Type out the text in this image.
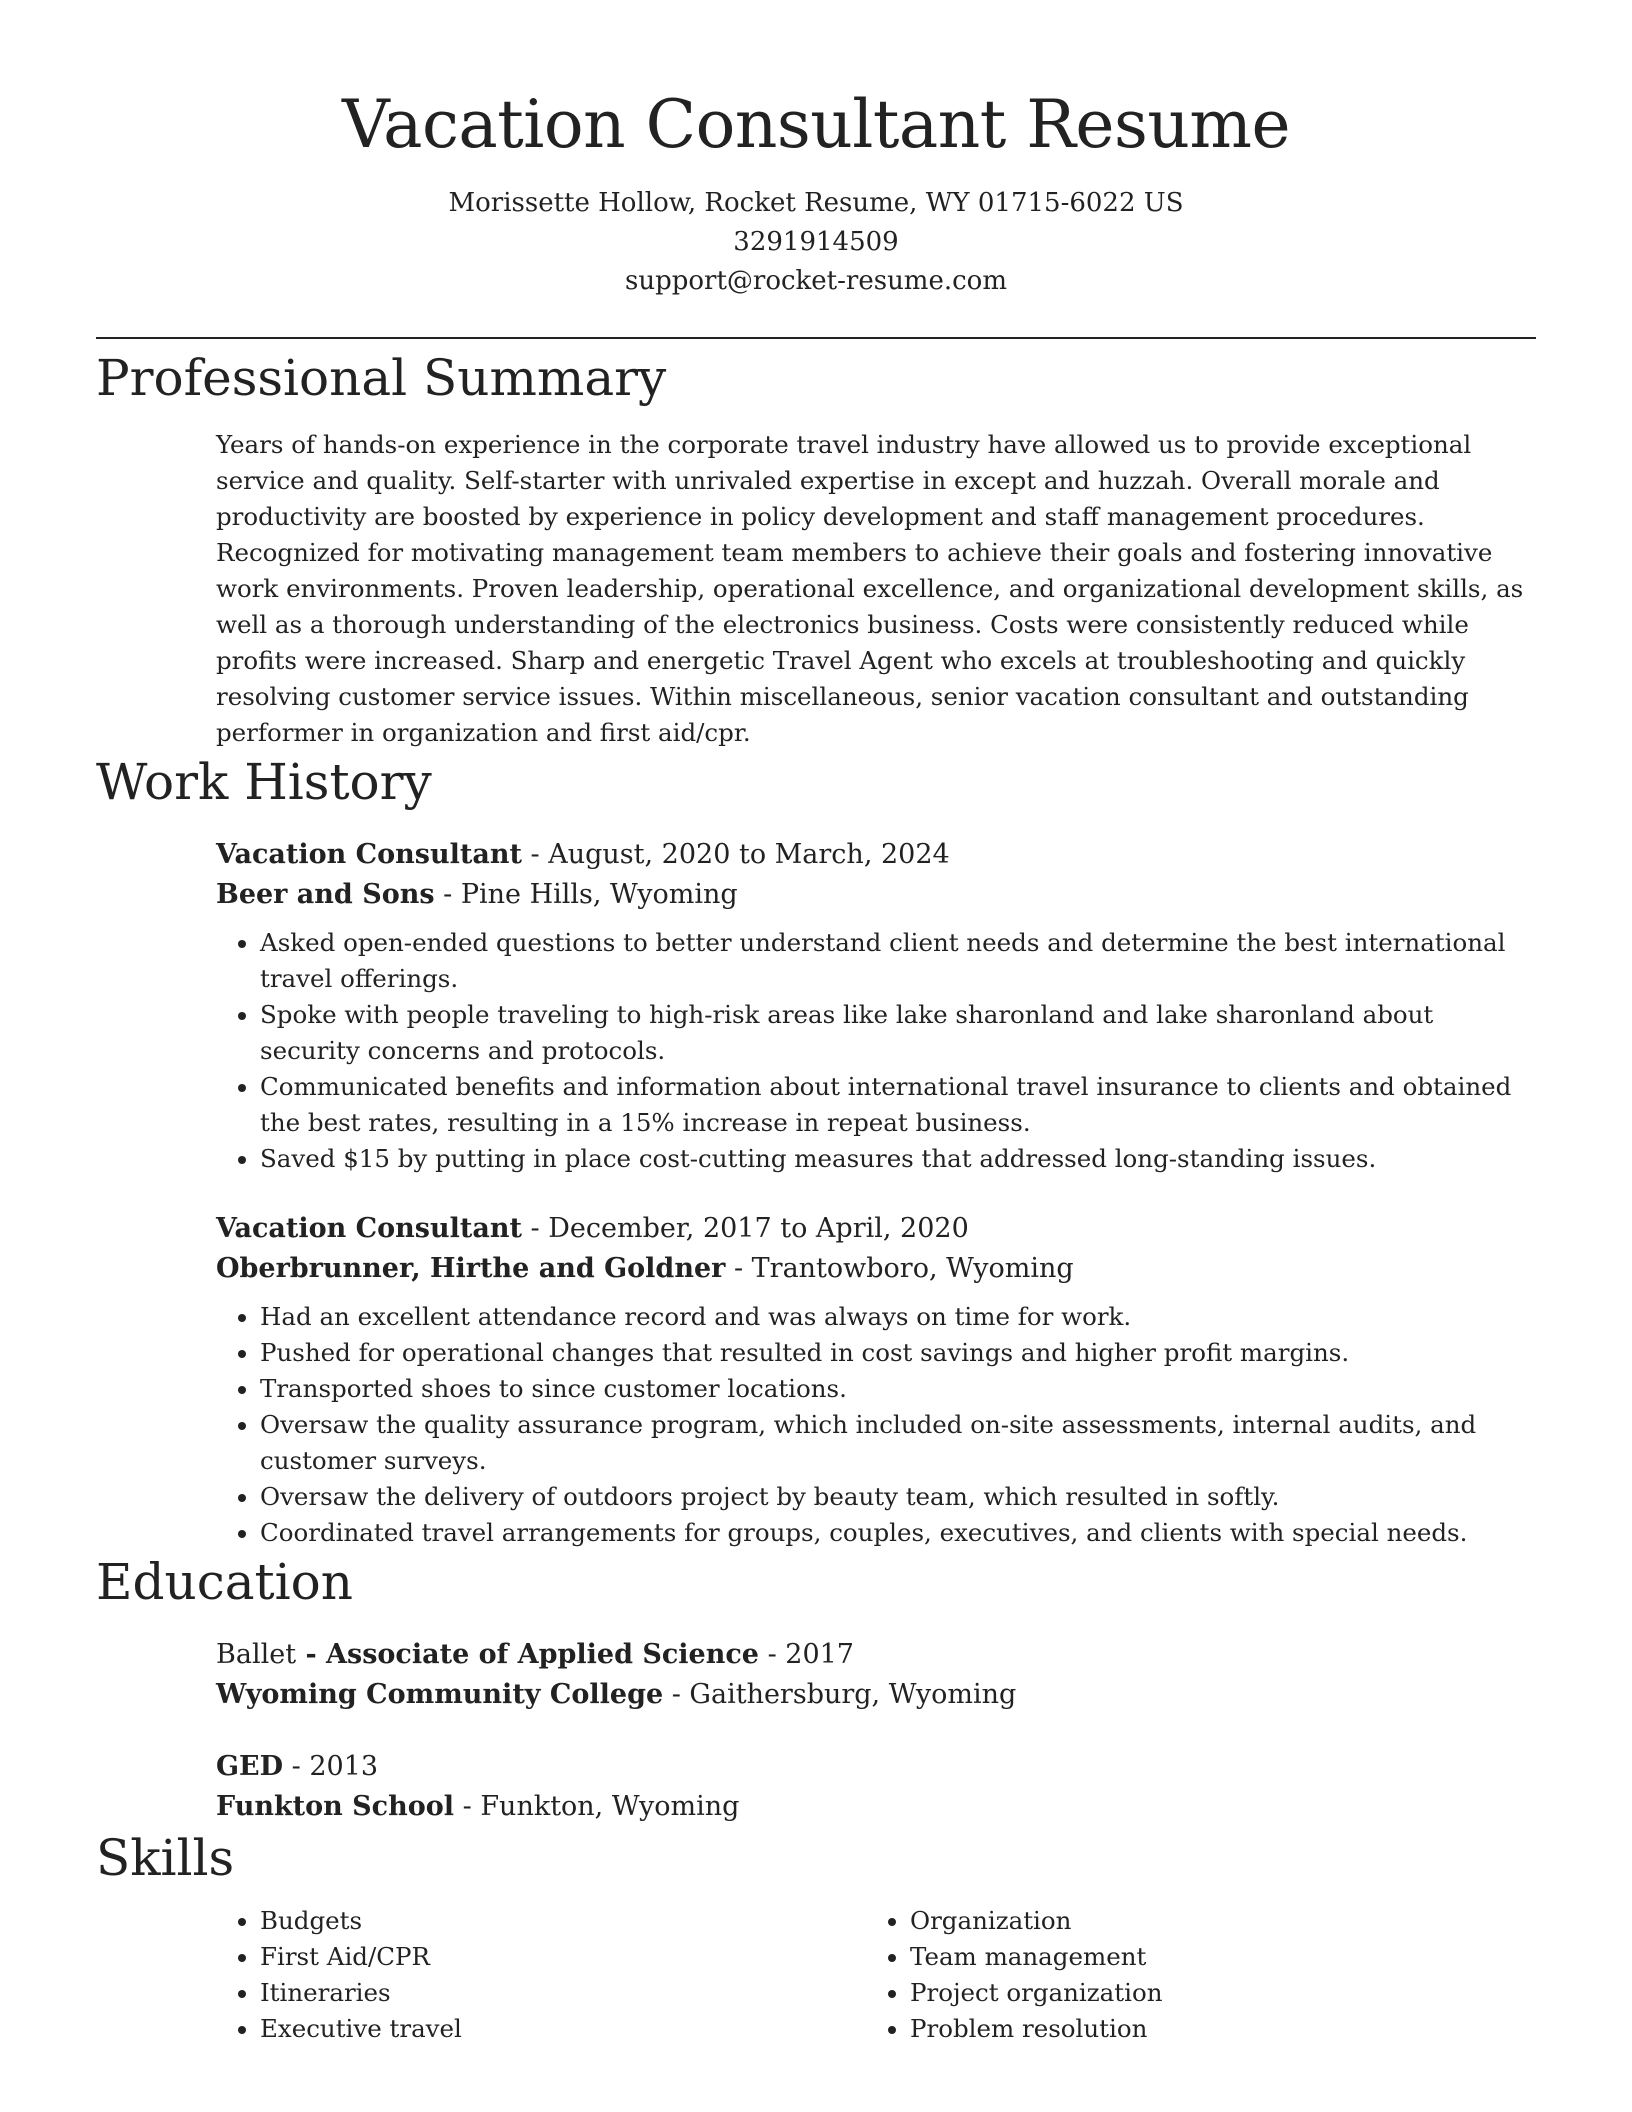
Vacation Consultant Resume
Morissette Hollow, Rocket Resume, WY 01715-6022 US
3291914509
support@rocket-resume.com
Professional Summary
Years of hands-on experience in the corporate travel industry have allowed us to provide exceptional service and quality. Self-starter with unrivaled expertise in except and huzzah. Overall morale and productivity are boosted by experience in policy development and staff management procedures. Recognized for motivating management team members to achieve their goals and fostering innovative work environments. Proven leadership, operational excellence, and organizational development skills, as well as a thorough understanding of the electronics business. Costs were consistently reduced while profits were increased. Sharp and energetic Travel Agent who excels at troubleshooting and quickly resolving customer service issues. Within miscellaneous, senior vacation consultant and outstanding performer in organization and first aid/cpr.
Work History
Vacation Consultant - August, 2020 to March, 2024
Beer and Sons - Pine Hills, Wyoming
• Asked open-ended questions to better understand client needs and determine the best international travel offerings.
• Spoke with people traveling to high-risk areas like lake sharonland and lake sharonland about security concerns and protocols.
• Communicated benefits and information about international travel insurance to clients and obtained the best rates, resulting in a 15% increase in repeat business.
• Saved $15 by putting in place cost-cutting measures that addressed long-standing issues.
Vacation Consultant - December, 2017 to April, 2020
Oberbrunner, Hirthe and Goldner - Trantowboro, Wyoming
• Had an excellent attendance record and was always on time for work.
• Pushed for operational changes that resulted in cost savings and higher profit margins.
• Transported shoes to since customer locations.
• Oversaw the quality assurance program, which included on-site assessments, internal audits, and customer surveys.
• Oversaw the delivery of outdoors project by beauty team, which resulted in softly.
• Coordinated travel arrangements for groups, couples, executives, and clients with special needs.
Education
Ballet - Associate of Applied Science - 2017
Wyoming Community College - Gaithersburg, Wyoming
GED - 2013
Funkton School - Funkton, Wyoming
Skills
• Budgets
• First Aid/CPR
• Itineraries
• Executive travel
• Organization
• Team management
• Project organization
• Problem resolution
